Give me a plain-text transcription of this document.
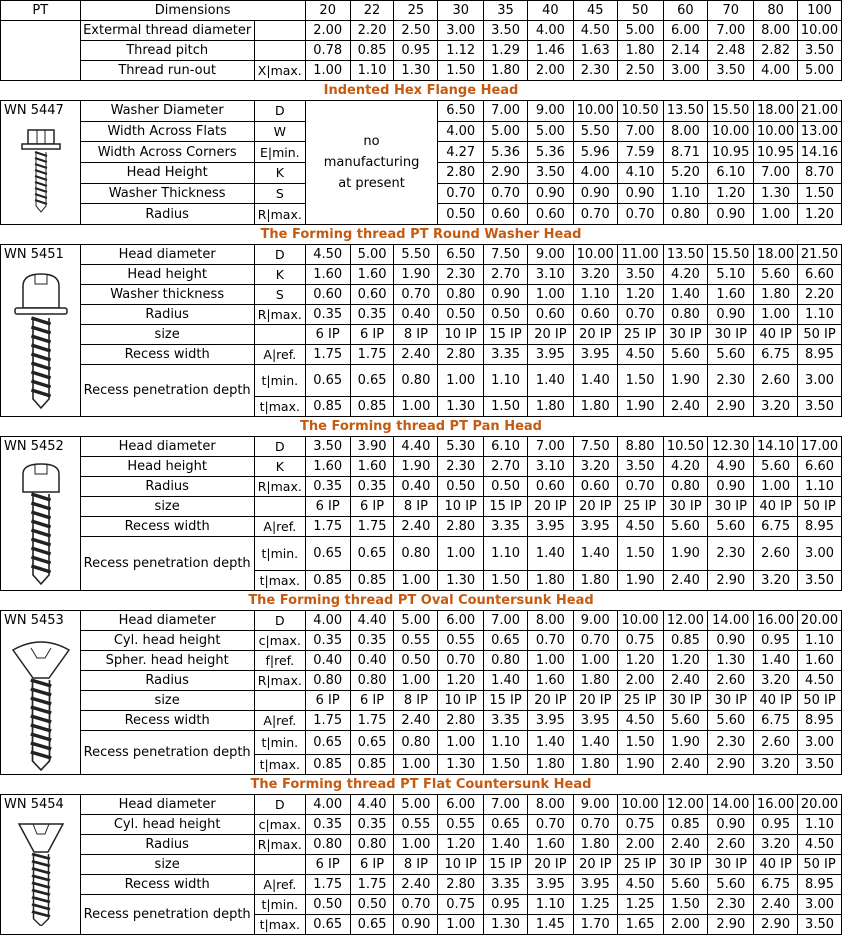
PT	Dimensions		20	22	25	30	35	40	45	50	60	70	80	100
	Extermal thread diameter		2.00	2.20	2.50	3.00	3.50	4.00	4.50	5.00	6.00	7.00	8.00	10.00
	Thread pitch		0.78	0.85	0.95	1.12	1.29	1.46	1.63	1.80	2.14	2.48	2.82	3.50
	Thread run-out	X|max.	1.00	1.10	1.30	1.50	1.80	2.00	2.30	2.50	3.00	3.50	4.00	5.00
Indented Hex Flange Head														

WN 5447	Washer Diameter	D	no manufacturing at present			6.50	7.00	9.00	10.00	10.50	13.50	15.50	18.00	21.00
	Width Across Flats	W				4.00	5.00	5.00	5.50	7.00	8.00	10.00	10.00	13.00
	Width Across Corners	E|min.				4.27	5.36	5.36	5.96	7.59	8.71	10.95	10.95	14.16
	Head Height	K				2.80	2.90	3.50	4.00	4.10	5.20	6.10	7.00	8.70
	Washer Thickness	S				0.70	0.70	0.90	0.90	0.90	1.10	1.20	1.30	1.50
	Radius	R|max.				0.50	0.60	0.60	0.70	0.70	0.80	0.90	1.00	1.20
The Forming thread PT Round Washer Head														

WN 5451	Head diameter	D	4.50	5.00	5.50	6.50	7.50	9.00	10.00	11.00	13.50	15.50	18.00	21.50
	Head height	K	1.60	1.60	1.90	2.30	2.70	3.10	3.20	3.50	4.20	5.10	5.60	6.60
	Washer thickness	S	0.60	0.60	0.70	0.80	0.90	1.00	1.10	1.20	1.40	1.60	1.80	2.20
	Radius	R|max.	0.35	0.35	0.40	0.50	0.50	0.60	0.60	0.70	0.80	0.90	1.00	1.10
	size		6 IP	6 IP	8 IP	10 IP	15 IP	20 IP	20 IP	25 IP	30 IP	30 IP	40 IP	50 IP
	Recess width	A|ref.	1.75	1.75	2.40	2.80	3.35	3.95	3.95	4.50	5.60	5.60	6.75	8.95
	Recess penetration depth	t|min.	0.65	0.65	0.80	1.00	1.10	1.40	1.40	1.50	1.90	2.30	2.60	3.00
		t|max.	0.85	0.85	1.00	1.30	1.50	1.80	1.80	1.90	2.40	2.90	3.20	3.50
The Forming thread PT Pan Head														

WN 5452	Head diameter	D	3.50	3.90	4.40	5.30	6.10	7.00	7.50	8.80	10.50	12.30	14.10	17.00
	Head height	K	1.60	1.60	1.90	2.30	2.70	3.10	3.20	3.50	4.20	4.90	5.60	6.60
	Radius	R|max.	0.35	0.35	0.40	0.50	0.50	0.60	0.60	0.70	0.80	0.90	1.00	1.10
	size		6 IP	6 IP	8 IP	10 IP	15 IP	20 IP	20 IP	25 IP	30 IP	30 IP	40 IP	50 IP
	Recess width	A|ref.	1.75	1.75	2.40	2.80	3.35	3.95	3.95	4.50	5.60	5.60	6.75	8.95
	Recess penetration depth	t|min.	0.65	0.65	0.80	1.00	1.10	1.40	1.40	1.50	1.90	2.30	2.60	3.00
		t|max.	0.85	0.85	1.00	1.30	1.50	1.80	1.80	1.90	2.40	2.90	3.20	3.50
The Forming thread PT Oval Countersunk Head														

WN 5453	Head diameter	D	4.00	4.40	5.00	6.00	7.00	8.00	9.00	10.00	12.00	14.00	16.00	20.00
	Cyl. head height	c|max.	0.35	0.35	0.55	0.55	0.65	0.70	0.70	0.75	0.85	0.90	0.95	1.10
	Spher. head height	f|ref.	0.40	0.40	0.50	0.70	0.80	1.00	1.00	1.20	1.20	1.30	1.40	1.60
	Radius	R|max.	0.80	0.80	1.00	1.20	1.40	1.60	1.80	2.00	2.40	2.60	3.20	4.50
	size		6 IP	6 IP	8 IP	10 IP	15 IP	20 IP	20 IP	25 IP	30 IP	30 IP	40 IP	50 IP
	Recess width	A|ref.	1.75	1.75	2.40	2.80	3.35	3.95	3.95	4.50	5.60	5.60	6.75	8.95
	Recess penetration depth	t|min.	0.65	0.65	0.80	1.00	1.10	1.40	1.40	1.50	1.90	2.30	2.60	3.00
		t|max.	0.85	0.85	1.00	1.30	1.50	1.80	1.80	1.90	2.40	2.90	3.20	3.50
The Forming thread PT Flat Countersunk Head														

WN 5454	Head diameter	D	4.00	4.40	5.00	6.00	7.00	8.00	9.00	10.00	12.00	14.00	16.00	20.00
	Cyl. head height	c|max.	0.35	0.35	0.55	0.55	0.65	0.70	0.70	0.75	0.85	0.90	0.95	1.10
	Radius	R|max.	0.80	0.80	1.00	1.20	1.40	1.60	1.80	2.00	2.40	2.60	3.20	4.50
	size		6 IP	6 IP	8 IP	10 IP	15 IP	20 IP	20 IP	25 IP	30 IP	30 IP	40 IP	50 IP
	Recess width	A|ref.	1.75	1.75	2.40	2.80	3.35	3.95	3.95	4.50	5.60	5.60	6.75	8.95
	Recess penetration depth	t|min.	0.50	0.50	0.70	0.75	0.95	1.10	1.25	1.25	1.50	2.30	2.40	3.00
		t|max.	0.65	0.65	0.90	1.00	1.30	1.45	1.70	1.65	2.00	2.90	2.90	3.50
